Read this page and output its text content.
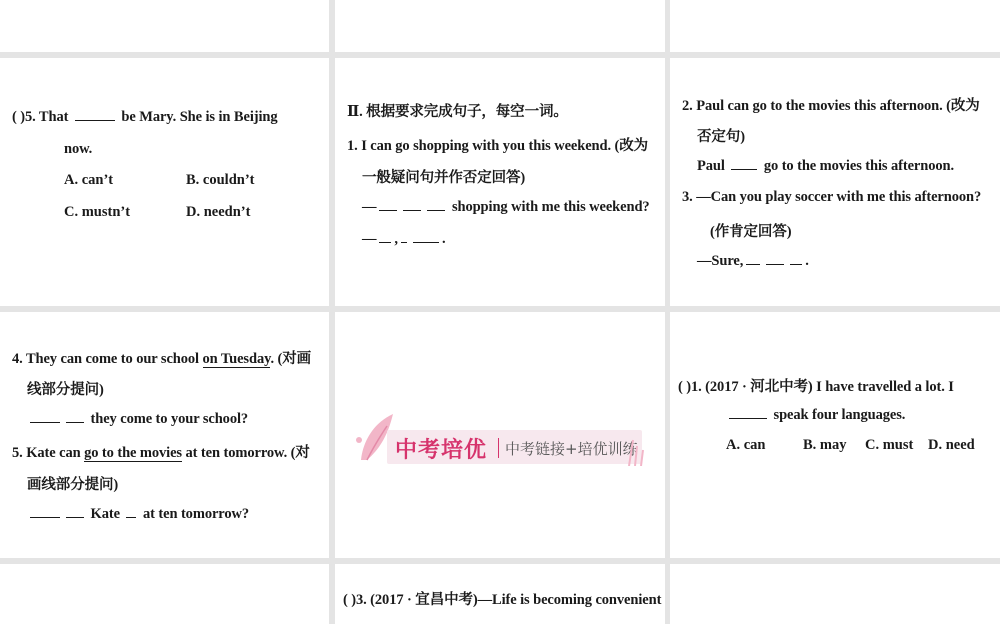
( )5. That	be Mary. She is in Beijing
now.
A. can’t	B. couldn’t
C. mustn’t	D. needn’t
Ⅱ. 根据要求完成句子，每空一词。
1. I can go shopping with you this weekend. (改为
一般疑问句并作否定回答)
—	shopping with me this weekend?
— ,	.
2. Paul can go to the movies this afternoon. (改为
否定句)
Paul	go to the movies this afternoon.
3. —Can you play soccer with me this afternoon?
(作肯定回答)
—Sure,	.
4. They can come to our school on Tuesday. (对画
线部分提问)
they come to your school?
5. Kate can go to the movies at ten tomorrow. (对
画线部分提问)
Kate at ten tomorrow?
中考培优 中考链接+培优训练
( )1. (2017 · 河北中考) I have travelled a lot. I
speak four languages.
A. can	B. may C. must D. need
( )3. (2017 · 宜昌中考)—Life is becoming convenient
